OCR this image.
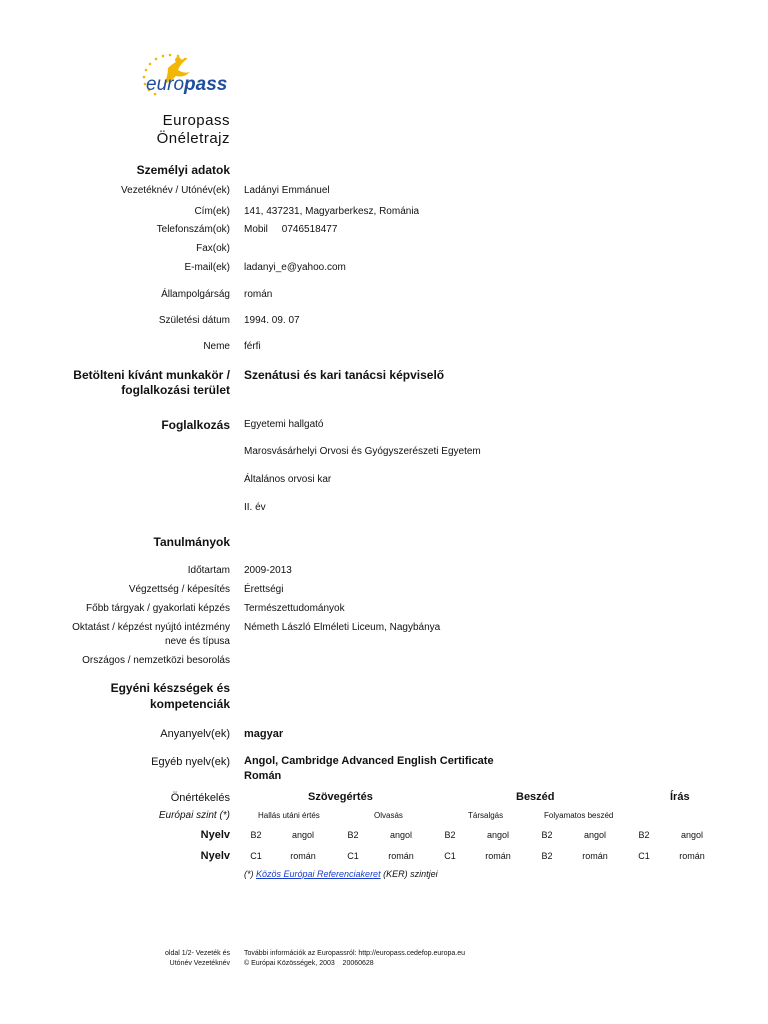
europass
Europass
Önéletrajz
Személyi adatok
Vezetéknév / Utónév(ek) Ladányi Emmánuel
Cím(ek) 141, 437231, Magyarberkesz, Románia
Telefonszám(ok) Mobil     0746518477
Fax(ok)
E-mail(ek) ladanyi_e@yahoo.com
Állampolgárság román
Születési dátum 1994. 09. 07
Neme férfi
Betölteni kívánt munkakör /
foglalkozási terület
Szenátusi és kari tanácsi képviselő
Foglalkozás Egyetemi hallgató
Marosvásárhelyi Orvosi és Gyógyszerészeti Egyetem
Általános orvosi kar
II. év
Tanulmányok
Időtartam 2009-2013
Végzettség / képesítés Érettségi
Főbb tárgyak / gyakorlati képzés Természettudományok
Oktatást / képzést nyújtó intézmény Németh László Elméleti Liceum, Nagybánya
neve és típusa
Országos / nemzetközi besorolás
Egyéni készségek és
kompetenciák
Anyanyelv(ek) magyar
Egyéb nyelv(ek) Angol, Cambridge Advanced English Certificate
Román
Önértékelés	Szövegértés	Beszéd	Írás
Európai szint (*)	Hallás utáni értés	Olvasás	Társalgás	Folyamatos beszéd
Nyelv	B2	angol	B2	angol	B2	angol	B2	angol	B2	angol
Nyelv	C1	román	C1	román	C1	román	B2	román	C1	román
(*) Közös Európai Referenciakeret (KER) szintjei
oldal 1/2- Vezeték és
Utónév Vezetéknév
További információk az Europassról: http://europass.cedefop.europa.eu
© Európai Közösségek, 2003    20060628
